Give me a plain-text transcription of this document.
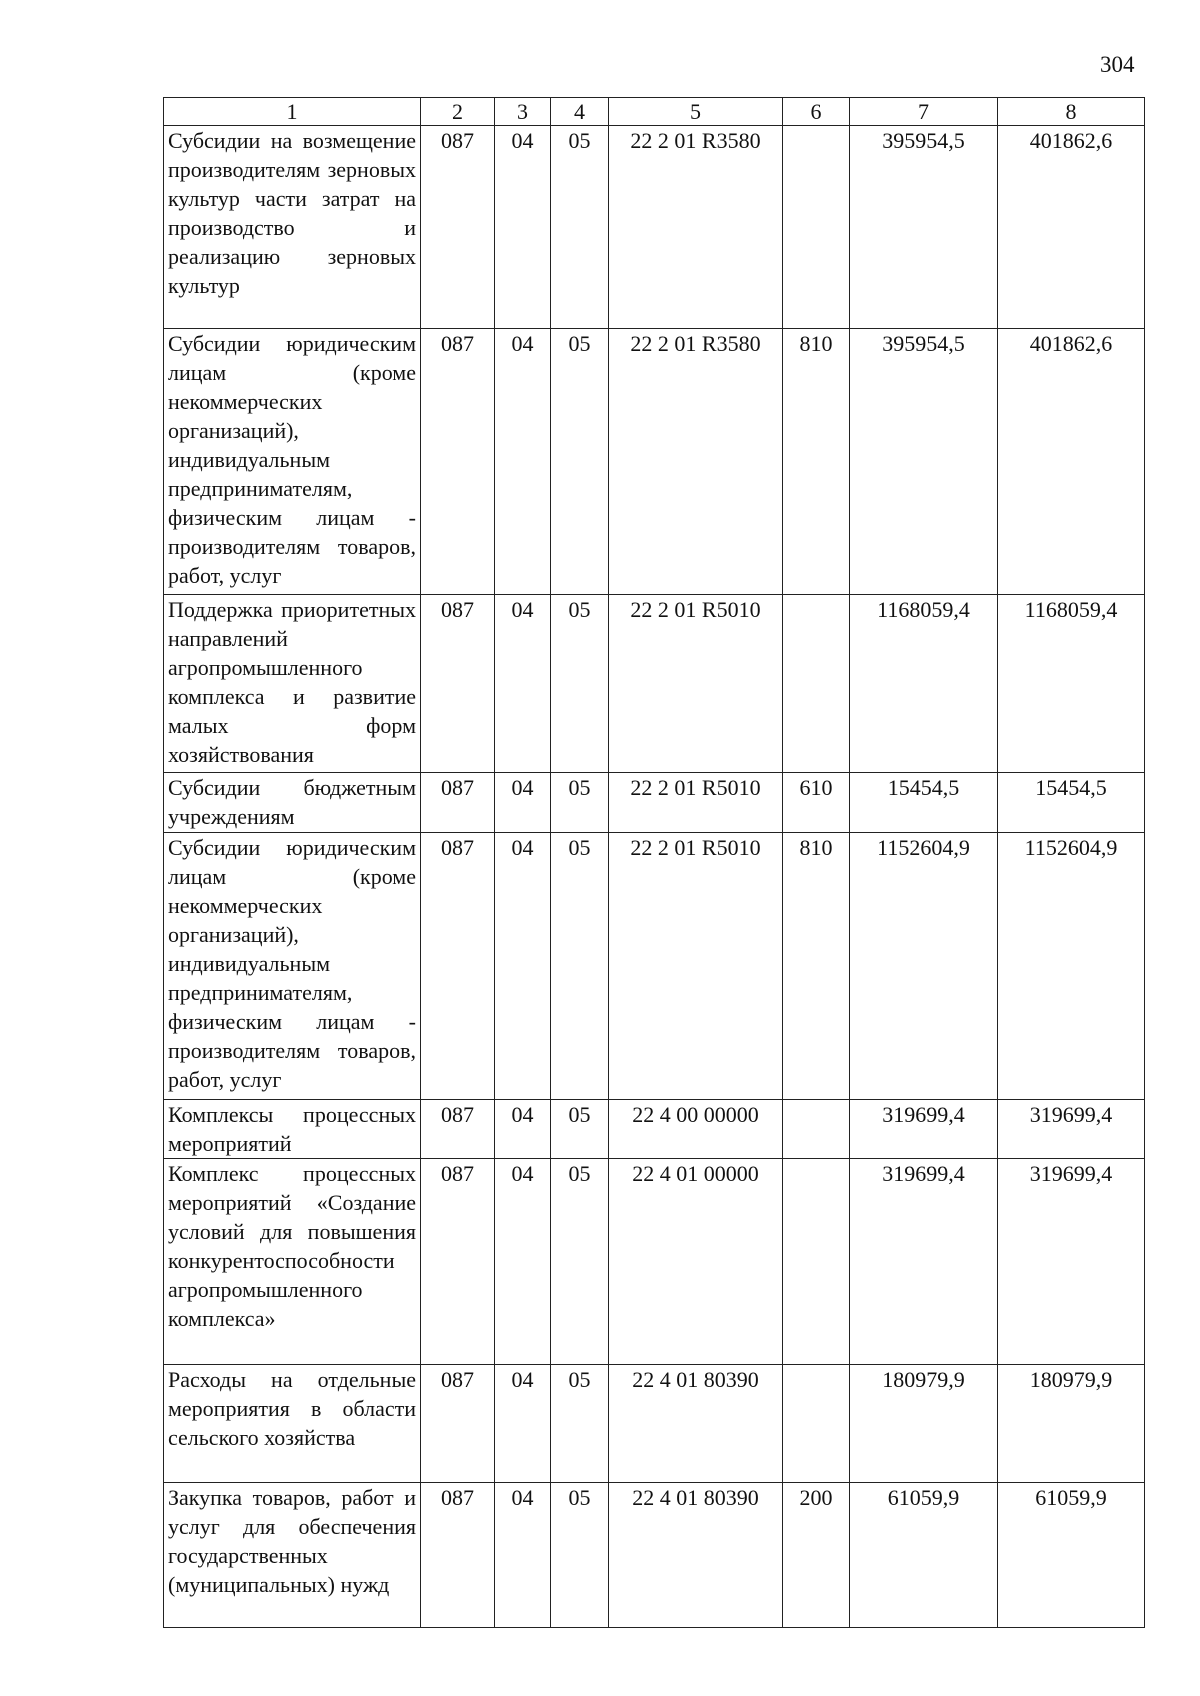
304
1	2	3	4	5	6	7	8
Субсидии на возмещение производителям зерновых культур части затрат на производство и реализацию зерновых культур	087	04	05	22 2 01 R3580		395954,5	401862,6
Субсидии юридическим лицам (кроме некоммерческих организаций), индивидуальным предпринимателям, физическим лицам - производителям товаров, работ, услуг	087	04	05	22 2 01 R3580	810	395954,5	401862,6
Поддержка приоритетных направлений агропромышленного комплекса и развитие малых форм хозяйствования	087	04	05	22 2 01 R5010		1168059,4	1168059,4
Субсидии бюджетным учреждениям	087	04	05	22 2 01 R5010	610	15454,5	15454,5
Субсидии юридическим лицам (кроме некоммерческих организаций), индивидуальным предпринимателям, физическим лицам - производителям товаров, работ, услуг	087	04	05	22 2 01 R5010	810	1152604,9	1152604,9
Комплексы процессных мероприятий	087	04	05	22 4 00 00000		319699,4	319699,4
Комплекс процессных мероприятий «Создание условий для повышения конкурентоспособности агропромышленного комплекса»	087	04	05	22 4 01 00000		319699,4	319699,4
Расходы на отдельные мероприятия в области сельского хозяйства	087	04	05	22 4 01 80390		180979,9	180979,9
Закупка товаров, работ и услуг для обеспечения государственных (муниципальных) нужд	087	04	05	22 4 01 80390	200	61059,9	61059,9
